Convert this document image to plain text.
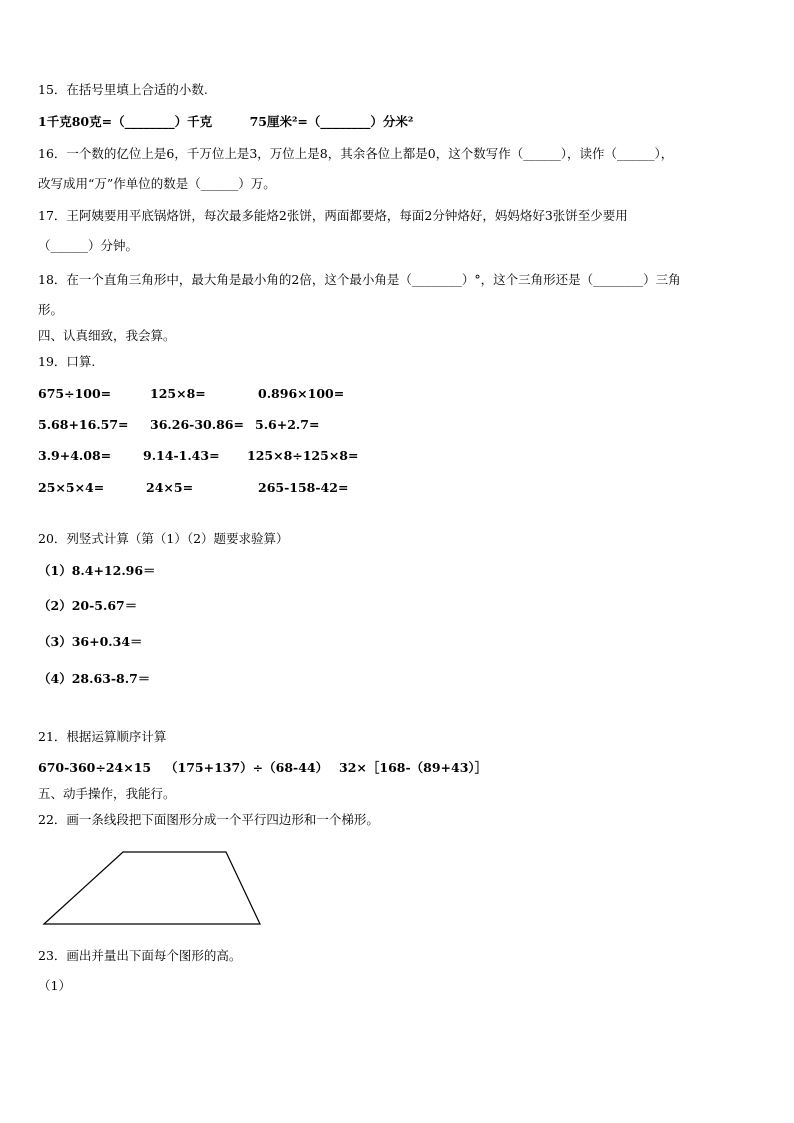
15．在括号里填上合适的小数.
1千克80克=（________）千克　　　75厘米²=（________）分米²
16．一个数的亿位上是6，千万位上是3，万位上是8，其余各位上都是0，这个数写作（______），读作（______），
改写成用“万”作单位的数是（______）万。
17．王阿姨要用平底锅烙饼，每次最多能烙2张饼，两面都要烙，每面2分钟烙好，妈妈烙好3张饼至少要用
（______）分钟。
18．在一个直角三角形中，最大角是最小角的2倍，这个最小角是（________）°，这个三角形还是（________）三角
形。
四、认真细致，我会算。
19．口算.
675÷100=	125×8=	0.896×100=
5.68+16.57= 36.26-30.86= 5.6+2.7=
3.9+4.08=	9.14-1.43= 125×8÷125×8=
25×5×4=	24×5=	265-158-42=
20．列竖式计算（第（1）（2）题要求验算）
（1）8.4+12.96＝
（2）20-5.67＝
（3）36+0.34＝
（4）28.63-8.7＝
21．根据运算顺序计算
670-360÷24×15 （175+137）÷（68-44） 32×［168-（89+43）］
五、动手操作，我能行。
22．画一条线段把下面图形分成一个平行四边形和一个梯形。
23．画出并量出下面每个图形的高。
（1）
